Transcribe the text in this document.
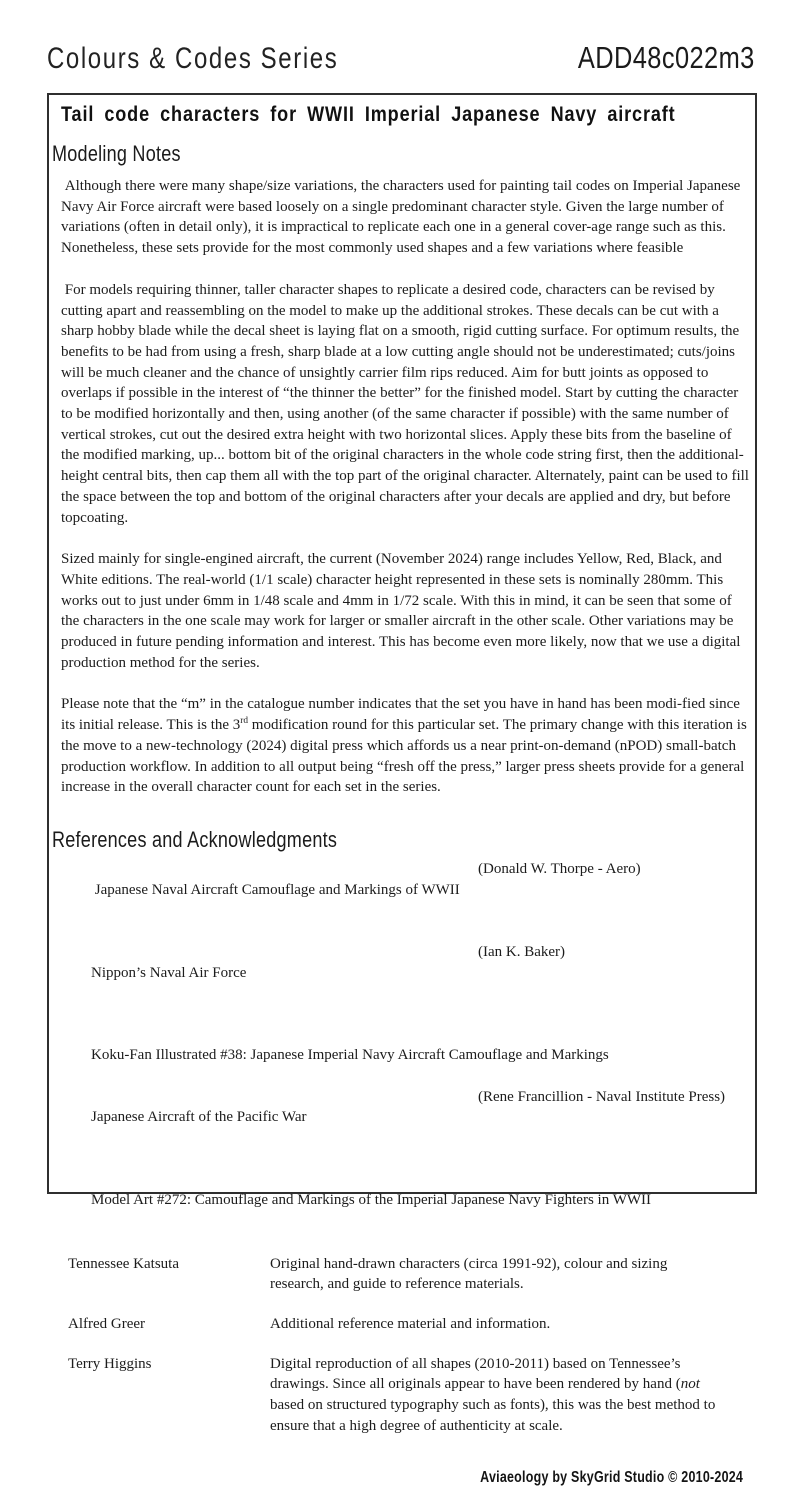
Colours & Codes Series	ADD48c022m3
Tail code characters for WWII Imperial Japanese Navy aircraft
Modeling Notes

Although there were many shape/size variations, the characters used for painting tail codes on Imperial Japanese Navy Air Force aircraft were based loosely on a single predominant character style. Given the large number of variations (often in detail only), it is impractical to replicate each one in a general cover-age range such as this. Nonetheless, these sets provide for the most commonly used shapes and a few variations where feasible

For models requiring thinner, taller character shapes to replicate a desired code, characters can be revised by cutting apart and reassembling on the model to make up the additional strokes. These decals can be cut with a sharp hobby blade while the decal sheet is laying flat on a smooth, rigid cutting surface. For optimum results, the benefits to be had from using a fresh, sharp blade at a low cutting angle should not be underestimated; cuts/joins will be much cleaner and the chance of unsightly carrier film rips reduced. Aim for butt joints as opposed to overlaps if possible in the interest of “the thinner the better” for the finished model. Start by cutting the character to be modified horizontally and then, using another (of the same character if possible) with the same number of vertical strokes, cut out the desired extra height with two horizontal slices. Apply these bits from the baseline of the modified marking, up... bottom bit of the original characters in the whole code string first, then the additional-height central bits, then cap them all with the top part of the original character. Alternately, paint can be used to fill the space between the top and bottom of the original characters after your decals are applied and dry, but before topcoating.

Sized mainly for single-engined aircraft, the current (November 2024) range includes Yellow, Red, Black, and White editions. The real-world (1/1 scale) character height represented in these sets is nominally 280mm. This works out to just under 6mm in 1/48 scale and 4mm in 1/72 scale. With this in mind, it can be seen that some of the characters in the one scale may work for larger or smaller aircraft in the other scale. Other variations may be produced in future pending information and interest. This has become even more likely, now that we use a digital production method for the series.

Please note that the “m” in the catalogue number indicates that the set you have in hand has been modi-fied since its initial release. This is the 3rd modification round for this particular set. The primary change with this iteration is the move to a new-technology (2024) digital press which affords us a near print-on-demand (nPOD) small-batch production workflow. In addition to all output being “fresh off the press,” larger press sheets provide for a general increase in the overall character count for each set in the series.

References and Acknowledgments

Japanese Naval Aircraft Camouflage and Markings of WWII

(Donald W. Thorpe - Aero)

Nippon’s Naval Air Force

(Ian K. Baker)

Koku-Fan Illustrated #38: Japanese Imperial Navy Aircraft Camouflage and Markings

Japanese Aircraft of the Pacific War

(Rene Francillion - Naval Institute Press)

Model Art #272: Camouflage and Markings of the Imperial Japanese Navy Fighters in WWII

Tennessee Katsuta	Original hand-drawn characters (circa 1991-92), colour and sizing research, and guide to reference materials.
Alfred Greer	Additional reference material and information.
Terry Higgins	Digital reproduction of all shapes (2010-2011) based on Tennessee’s drawings. Since all originals appear to have been rendered by hand (not based on structured typography such as fonts), this was the best method to ensure that a high degree of authenticity at scale.
Aviaeology by SkyGrid Studio © 2010-2024
